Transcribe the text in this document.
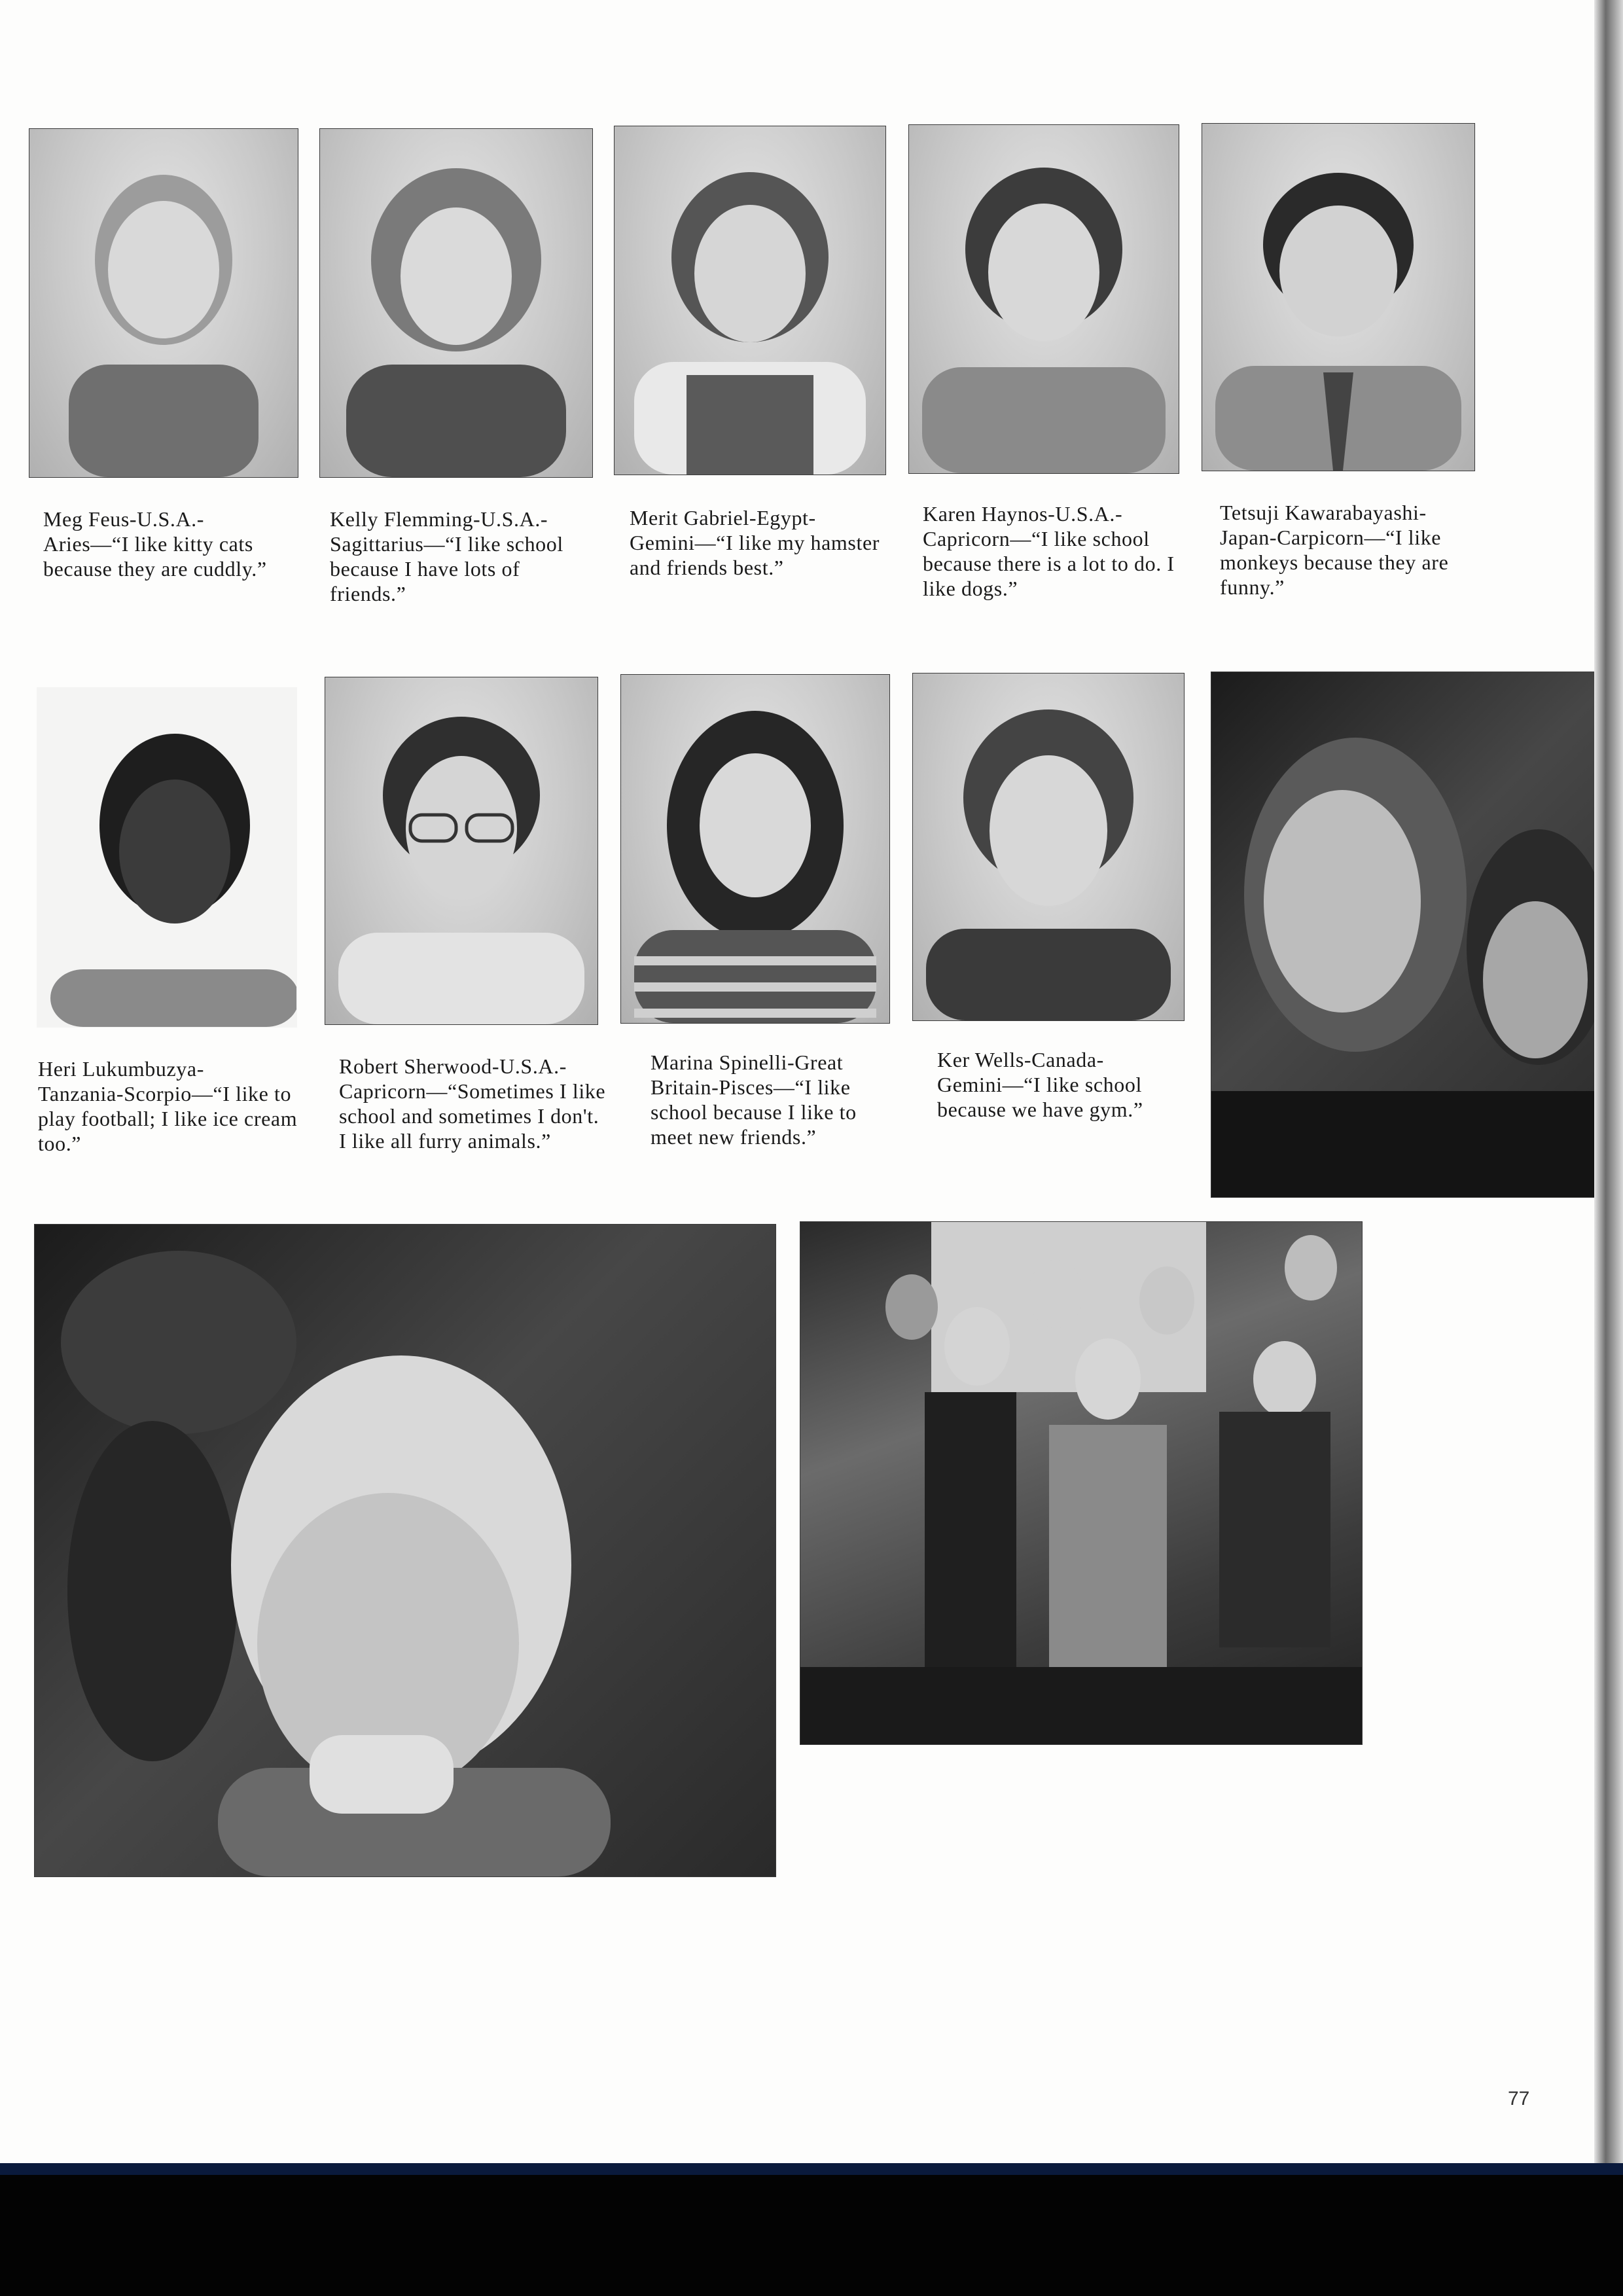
Meg Feus-U.S.A.-
Aries—“I like kitty cats because they are cuddly.”
Kelly Flemming-U.S.A.-
Sagittarius—“I like school because I have lots of friends.”
Merit Gabriel-Egypt-
Gemini—“I like my hamster and friends best.”
Karen Haynos-U.S.A.-
Capricorn—“I like school because there is a lot to do. I like dogs.”
Tetsuji Kawarabayashi-
Japan-Carpicorn—“I like monkeys because they are funny.”
Heri Lukumbuzya-
Tanzania-Scorpio—“I like to play football; I like ice cream too.”
Robert Sherwood-U.S.A.-
Capricorn—“Sometimes I like school and sometimes I don't. I like all furry animals.”
Marina Spinelli-Great
Britain-Pisces—“I like school because I like to meet new friends.”
Ker Wells-Canada-
Gemini—“I like school because we have gym.”
77
